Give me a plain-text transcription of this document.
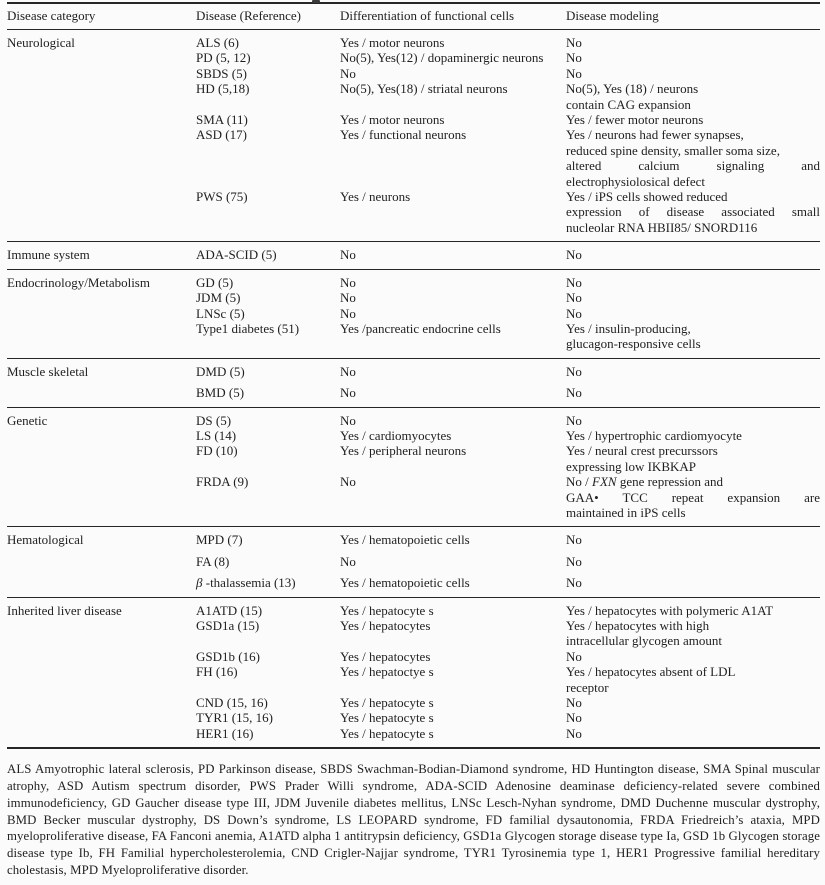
Disease category	Disease (Reference)	Differentiation of functional cells	Disease modeling
Neurological	ALS (6)	Yes / motor neurons	No
PD (5, 12)	No(5), Yes(12) / dopaminergic neurons	No
SBDS (5)	No	No
HD (5,18)	No(5), Yes(18) / striatal neurons	No(5), Yes (18) / neurons
contain CAG expansion
SMA (11)	Yes / motor neurons	Yes / fewer motor neurons
ASD (17)	Yes / functional neurons	Yes / neurons had fewer synapses,
reduced spine density, smaller soma size,
altered calcium signaling and
electrophysiolosical defect
PWS (75)	Yes / neurons	Yes / iPS cells showed reduced
expression of disease associated small
nucleolar RNA HBII85/ SNORD116
Immune system	ADA-SCID (5)	No	No
Endocrinology/Metabolism	GD (5)	No	No
JDM (5)	No	No
LNSc (5)	No	No
Type1 diabetes (51)	Yes /pancreatic endocrine cells	Yes / insulin-producing,
glucagon-responsive cells
Muscle skeletal	DMD (5)	No	No
BMD (5)	No	No
Genetic	DS (5)	No	No
LS (14)	Yes / cardiomyocytes	Yes / hypertrophic cardiomyocyte
FD (10)	Yes / peripheral neurons	Yes / neural crest precurssors
expressing low IKBKAP
FRDA (9)	No	No / FXN gene repression and
GAA• TCC repeat expansion are
maintained in iPS cells
Hematological	MPD (7)	Yes / hematopoietic cells	No
FA (8)	No	No
β -thalassemia (13)	Yes / hematopoietic cells	No
Inherited liver disease	A1ATD (15)	Yes / hepatocyte s	Yes / hepatocytes with polymeric A1AT
GSD1a (15)	Yes / hepatocytes	Yes / hepatocytes with high
intracellular glycogen amount
GSD1b (16)	Yes / hepatocytes	No
FH (16)	Yes / hepatoctye s	Yes / hepatocytes absent of LDL
receptor
CND (15, 16)	Yes / hepatocyte s	No
TYR1 (15, 16)	Yes / hepatocyte s	No
HER1 (16)	Yes / hepatocyte s	No
ALS Amyotrophic lateral sclerosis, PD Parkinson disease, SBDS Swachman-Bodian-Diamond syndrome, HD Huntington disease, SMA Spinal muscular atrophy, ASD Autism spectrum disorder, PWS Prader Willi syndrome, ADA-SCID Adenosine deaminase deficiency-related severe combined immunodeficiency, GD Gaucher disease type III, JDM Juvenile diabetes mellitus, LNSc Lesch-Nyhan syndrome, DMD Duchenne muscular dystrophy, BMD Becker muscular dystrophy, DS Down’s syndrome, LS LEOPARD syndrome, FD familial dysautonomia, FRDA Friedreich’s ataxia, MPD myeloproliferative disease, FA Fanconi anemia, A1ATD alpha 1 antitrypsin deficiency, GSD1a Glycogen storage disease type Ia, GSD 1b Glycogen storage disease type Ib, FH Familial hypercholesterolemia, CND Crigler-Najjar syndrome, TYR1 Tyrosinemia type 1, HER1 Progressive familial hereditary cholestasis, MPD Myeloproliferative disorder.
